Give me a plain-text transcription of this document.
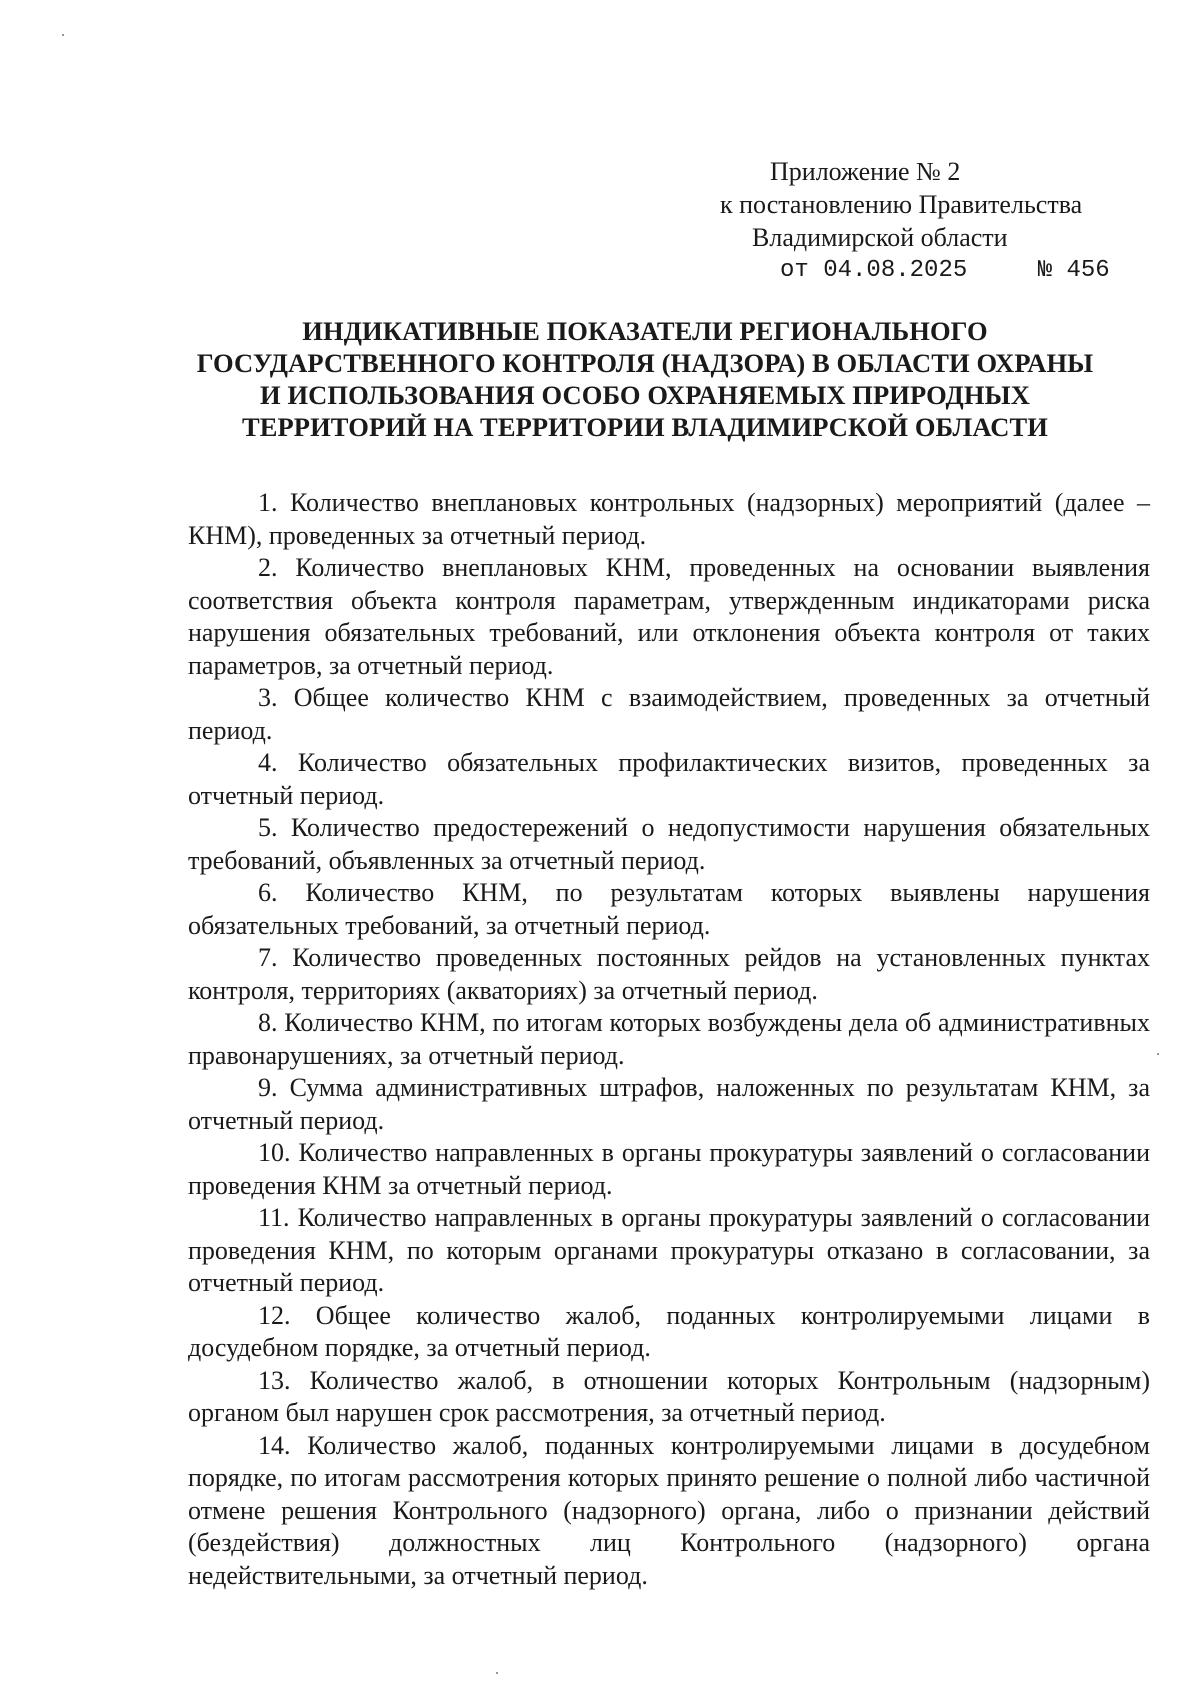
Приложение № 2
к постановлению Правительства
Владимирской области
от 04.08.2025	№ 456
ИНДИКАТИВНЫЕ ПОКАЗАТЕЛИ РЕГИОНАЛЬНОГО
ГОСУДАРСТВЕННОГО КОНТРОЛЯ (НАДЗОРА) В ОБЛАСТИ ОХРАНЫ
И ИСПОЛЬЗОВАНИЯ ОСОБО ОХРАНЯЕМЫХ ПРИРОДНЫХ
ТЕРРИТОРИЙ НА ТЕРРИТОРИИ ВЛАДИМИРСКОЙ ОБЛАСТИ

1. Количество внеплановых контрольных (надзорных) мероприятий (далее – КНМ), проведенных за отчетный период.

2. Количество внеплановых КНМ, проведенных на основании выявления соответствия объекта контроля параметрам, утвержденным индикаторами риска нарушения обязательных требований, или отклонения объекта контроля от таких параметров, за отчетный период.

3. Общее количество КНМ с взаимодействием, проведенных за отчетный период.

4. Количество обязательных профилактических визитов, проведенных за отчетный период.

5. Количество предостережений о недопустимости нарушения обязательных требований, объявленных за отчетный период.

6. Количество КНМ, по результатам которых выявлены нарушения обязательных требований, за отчетный период.

7. Количество проведенных постоянных рейдов на установленных пунктах контроля, территориях (акваториях) за отчетный период.

8. Количество КНМ, по итогам которых возбуждены дела об административных правонарушениях, за отчетный период.

9. Сумма административных штрафов, наложенных по результатам КНМ, за отчетный период.

10. Количество направленных в органы прокуратуры заявлений о согласовании проведения КНМ за отчетный период.

11. Количество направленных в органы прокуратуры заявлений о согласовании проведения КНМ, по которым органами прокуратуры отказано в согласовании, за отчетный период.

12. Общее количество жалоб, поданных контролируемыми лицами в досудебном порядке, за отчетный период.

13. Количество жалоб, в отношении которых Контрольным (надзорным) органом был нарушен срок рассмотрения, за отчетный период.

14. Количество жалоб, поданных контролируемыми лицами в досудебном порядке, по итогам рассмотрения которых принято решение о полной либо частичной отмене решения Контрольного (надзорного) органа, либо о признании действий (бездействия) должностных лиц Контрольного (надзорного) органа недействительными, за отчетный период.
